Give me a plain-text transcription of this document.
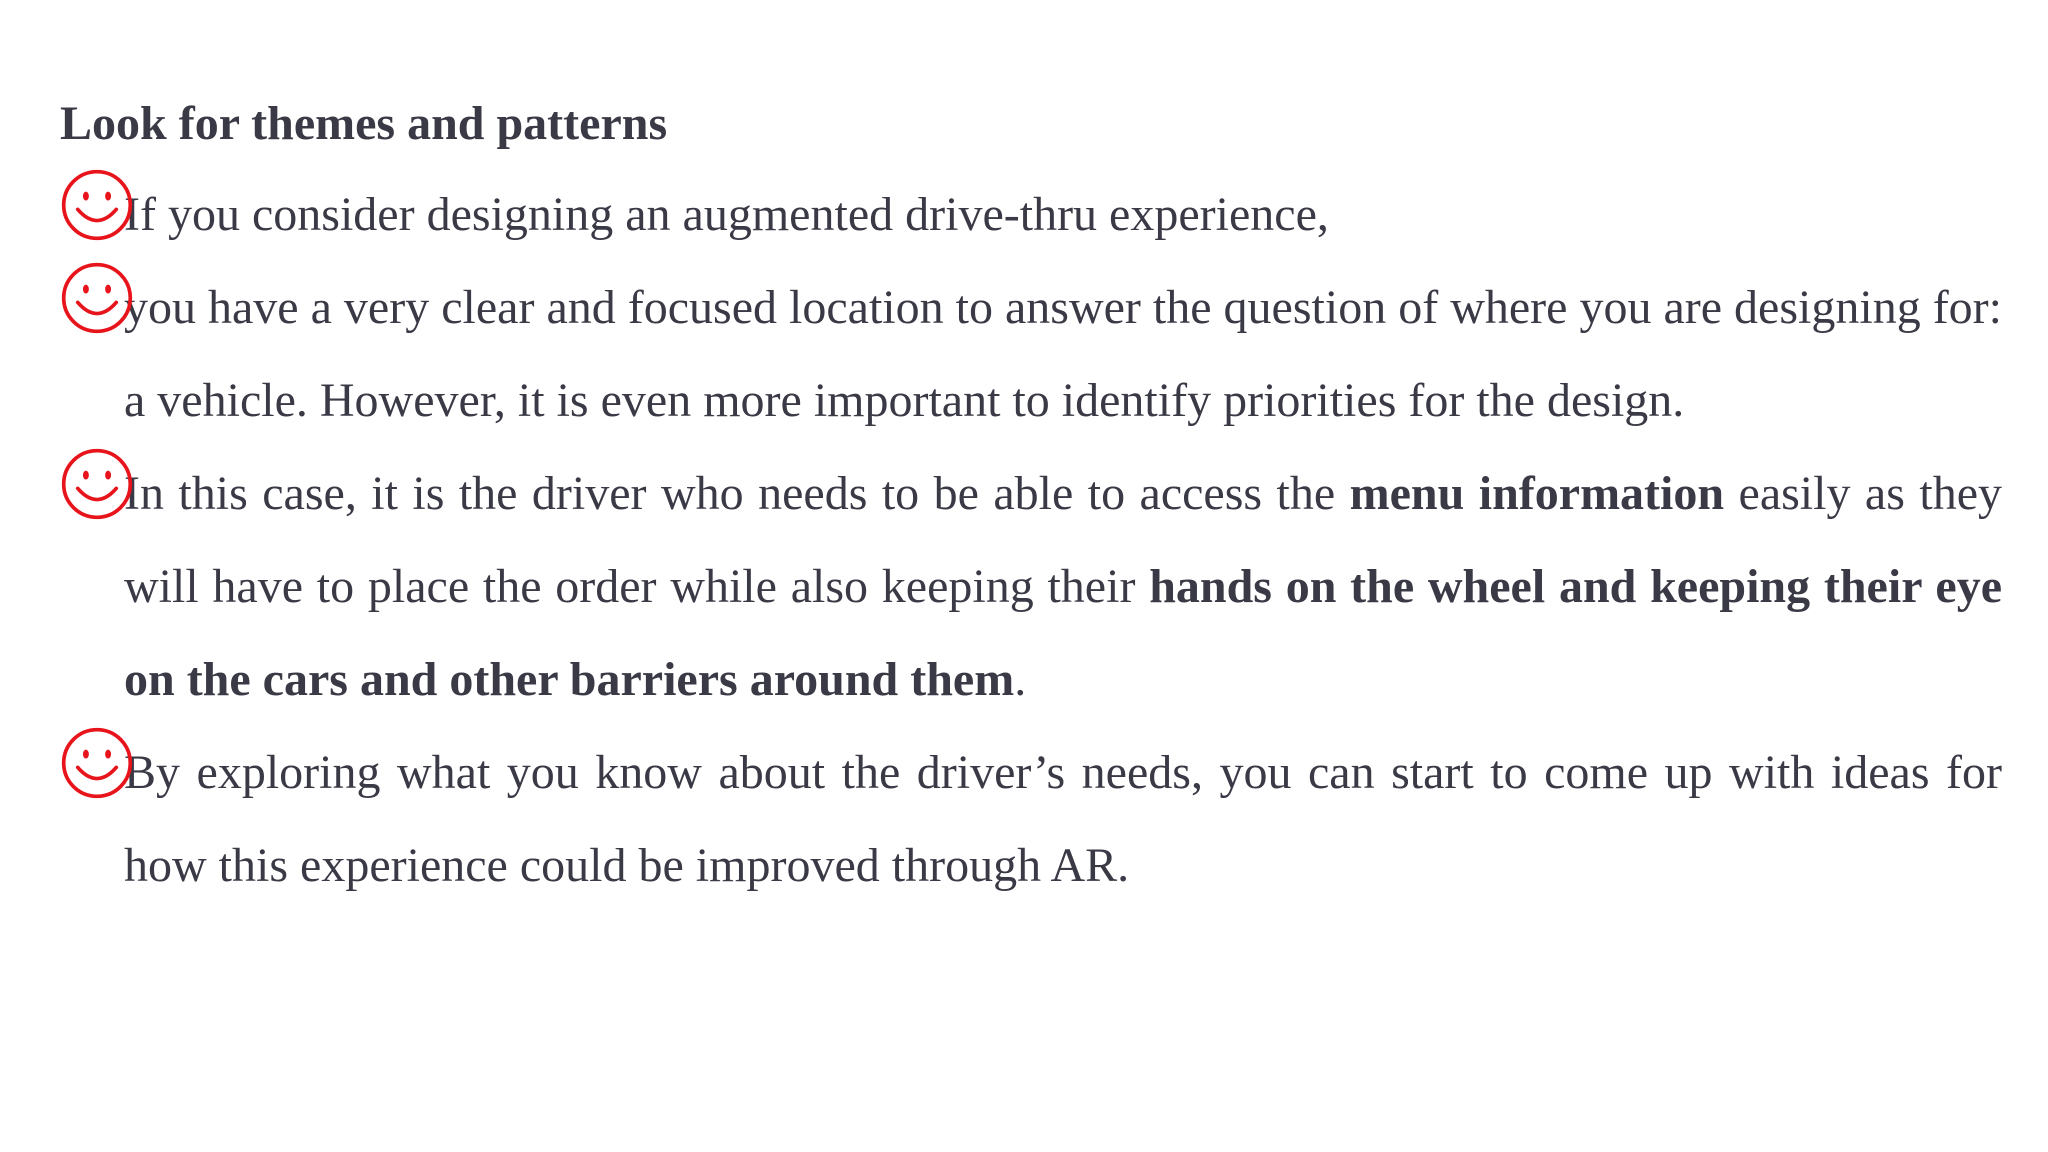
Look for themes and patterns
If you consider designing an augmented drive-thru experience,
you have a very clear and focused location to answer the question of where you are designing for: a vehicle. However, it is even more important to identify priorities for the design.
In this case, it is the driver who needs to be able to access the menu information easily as they will have to place the order while also keeping their hands on the wheel and keeping their eye on the cars and other barriers around them.
By exploring what you know about the driver’s needs, you can start to come up with ideas for how this experience could be improved through AR.
